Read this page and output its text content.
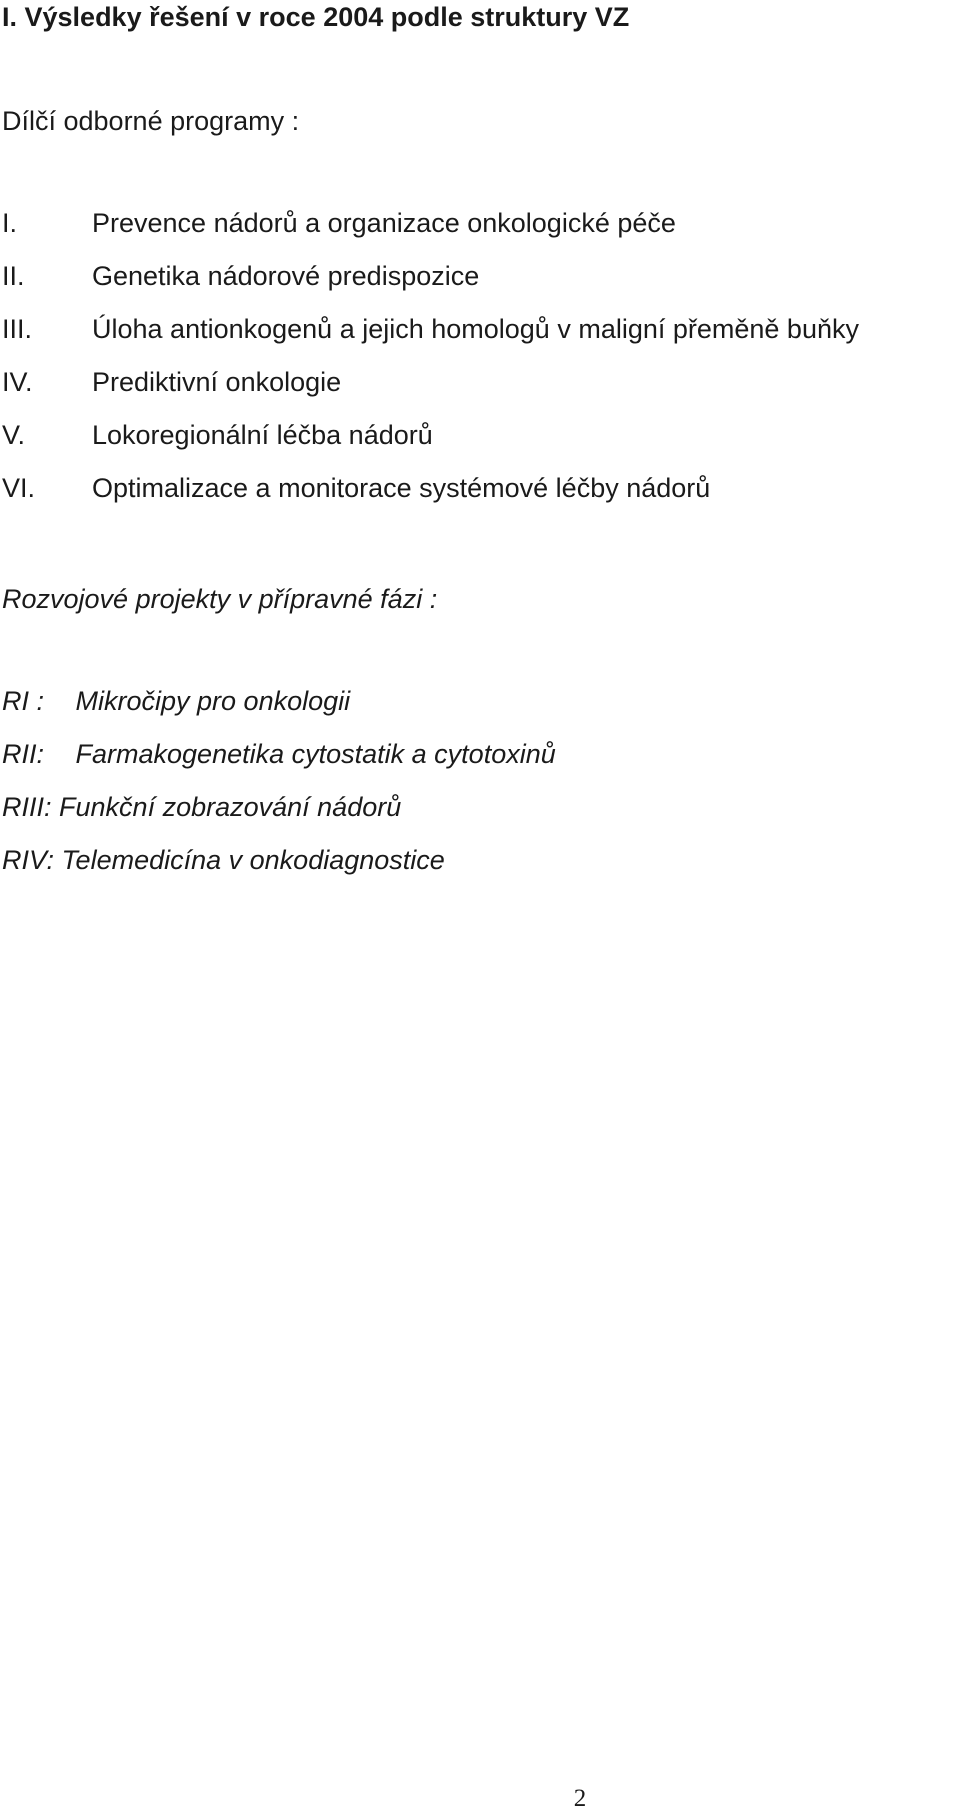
I. Výsledky řešení v roce 2004 podle struktury VZ
Dílčí odborné programy :
I.	Prevence nádorů a organizace onkologické péče
II. Genetika nádorové predispozice
III. Úloha antionkogenů a jejich homologů v maligní přeměně buňky
IV. Prediktivní onkologie
V. Lokoregionální léčba nádorů
VI. Optimalizace a monitorace systémové léčby nádorů
Rozvojové projekty v přípravné fázi :
RI : Mikročipy pro onkologii
RII: Farmakogenetika cytostatik a cytotoxinů
RIII: Funkční zobrazování nádorů
RIV: Telemedicína v onkodiagnostice
2
